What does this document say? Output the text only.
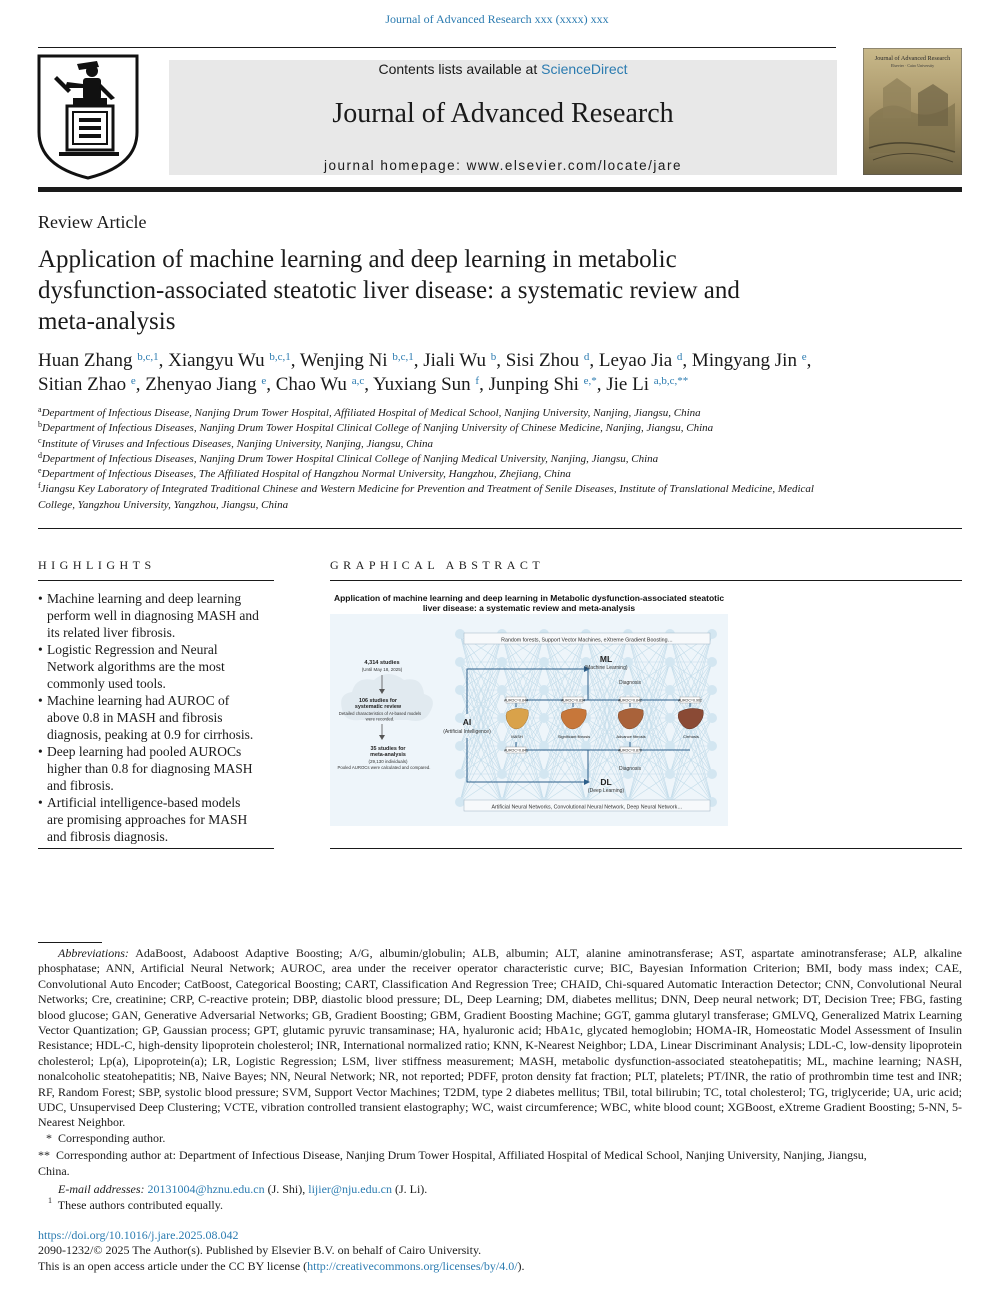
Journal of Advanced Research xxx (xxxx) xxx
Contents lists available at ScienceDirect
Journal of Advanced Research
journal homepage: www.elsevier.com/locate/jare
Journal of Advanced Research
Elsevier · Cairo University
Review Article
Application of machine learning and deep learning in metabolic
dysfunction-associated steatotic liver disease: a systematic review and
meta-analysis
Huan Zhang $^{b,c,1}$, Xiangyu Wu $^{b,c,1}$, Wenjing Ni $^{b,c,1}$, Jiali Wu $^b$, Sisi Zhou $^d$, Leyao Jia $^d$, Mingyang Jin $^e$,
Sitian Zhao $^e$, Zhenyao Jiang $^e$, Chao Wu $^{a,c}$, Yuxiang Sun $^f$, Junping Shi $^{e,*}$, Jie Li $^{a,b,c,**}$
$^a$Department of Infectious Disease, Nanjing Drum Tower Hospital, Affiliated Hospital of Medical School, Nanjing University, Nanjing, Jiangsu, China
$^b$Department of Infectious Diseases, Nanjing Drum Tower Hospital Clinical College of Nanjing University of Chinese Medicine, Nanjing, Jiangsu, China
$^c$Institute of Viruses and Infectious Diseases, Nanjing University, Nanjing, Jiangsu, China
$^d$Department of Infectious Diseases, Nanjing Drum Tower Hospital Clinical College of Nanjing Medical University, Nanjing, Jiangsu, China
$^e$Department of Infectious Diseases, The Affiliated Hospital of Hangzhou Normal University, Hangzhou, Zhejiang, China
$^f$Jiangsu Key Laboratory of Integrated Traditional Chinese and Western Medicine for Prevention and Treatment of Senile Diseases, Institute of Translational Medicine, Medical
College, Yangzhou University, Yangzhou, Jiangsu, China
HIGHLIGHTS
• Machine learning and deep learning
perform well in diagnosing MASH and
its related liver fibrosis.
• Logistic Regression and Neural
Network algorithms are the most
commonly used tools.
• Machine learning had AUROC of
above 0.8 in MASH and fibrosis
diagnosis, peaking at 0.9 for cirrhosis.
• Deep learning had pooled AUROCs
higher than 0.8 for diagnosing MASH
and fibrosis.
• Artificial intelligence-based models
are promising approaches for MASH
and fibrosis diagnosis.
GRAPHICAL ABSTRACT
Application of machine learning and deep learning in Metabolic dysfunction-associated steatotic
liver disease: a systematic review and meta-analysis
Random forests, Support Vector Machines, eXtreme Gradient Boosting…
Artificial Neural Networks, Convolutional Neural Network, Deep Neural Network…
4,314 studies
(Until May 18, 2025)
106 studies for
systematic review
Detailed characteristics of AI-based models
were recorded.
35 studies for
meta-analysis
(29,130 individuals)
Pooled AUROCs were calculated and compared.
AI
(Artificial Intelligence)
ML
(Machine Learning)
Diagnosis
DL
(Deep Learning)
Diagnosis
AUROC=0.844	AUROC=0.834	AUROC=0.842	AUROC=0.902
AUROC=0.841	AUROC=0.870
MASH	Significant fibrosis	Advance fibrosis	Cirrhosis
Abbreviations: AdaBoost, Adaboost Adaptive Boosting; A/G, albumin/globulin; ALB, albumin; ALT, alanine aminotransferase; AST, aspartate aminotransferase; ALP, alkaline phosphatase; ANN, Artificial Neural Network; AUROC, area under the receiver operator characteristic curve; BIC, Bayesian Information Criterion; BMI, body mass index; CAE, Convolutional Auto Encoder; CatBoost, Categorical Boosting; CART, Classification And Regression Tree; CHAID, Chi-squared Automatic Interaction Detector; CNN, Convolutional Neural Networks; Cre, creatinine; CRP, C-reactive protein; DBP, diastolic blood pressure; DL, Deep Learning; DM, diabetes mellitus; DNN, Deep neural network; DT, Decision Tree; FBG, fasting blood glucose; GAN, Generative Adversarial Networks; GB, Gradient Boosting; GBM, Gradient Boosting Machine; GGT, gamma glutaryl transferase; GMLVQ, Generalized Matrix Learning Vector Quantization; GP, Gaussian process; GPT, glutamic pyruvic transaminase; HA, hyaluronic acid; HbA1c, glycated hemoglobin; HOMA-IR, Homeostatic Model Assessment of Insulin Resistance; HDL-C, high-density lipoprotein cholesterol; INR, International normalized ratio; KNN, K-Nearest Neighbor; LDA, Linear Discriminant Analysis; LDL-C, low-density lipoprotein cholesterol; Lp(a), Lipoprotein(a); LR, Logistic Regression; LSM, liver stiffness measurement; MASH, metabolic dysfunction-associated steatohepatitis; ML, machine learning; NASH, nonalcoholic steatohepatitis; NB, Naive Bayes; NN, Neural Network; NR, not reported; PDFF, proton density fat fraction; PLT, platelets; PT/INR, the ratio of prothrombin time test and INR; RF, Random Forest; SBP, systolic blood pressure; SVM, Support Vector Machines; T2DM, type 2 diabetes mellitus; TBil, total bilirubin; TC, total cholesterol; TG, triglyceride; UA, uric acid; UDC, Unsupervised Deep Clustering; VCTE, vibration controlled transient elastography; WC, waist circumference; WBC, white blood count; XGBoost, eXtreme Gradient Boosting; 5-NN, 5-Nearest Neighbor.
* Corresponding author.
** Corresponding author at: Department of Infectious Disease, Nanjing Drum Tower Hospital, Affiliated Hospital of Medical School, Nanjing University, Nanjing, Jiangsu,
China.
E-mail addresses: 20131004@hznu.edu.cn (J. Shi), lijier@nju.edu.cn (J. Li).
$^1$ These authors contributed equally.
https://doi.org/10.1016/j.jare.2025.08.042
2090-1232/© 2025 The Author(s). Published by Elsevier B.V. on behalf of Cairo University.
This is an open access article under the CC BY license (http://creativecommons.org/licenses/by/4.0/).
